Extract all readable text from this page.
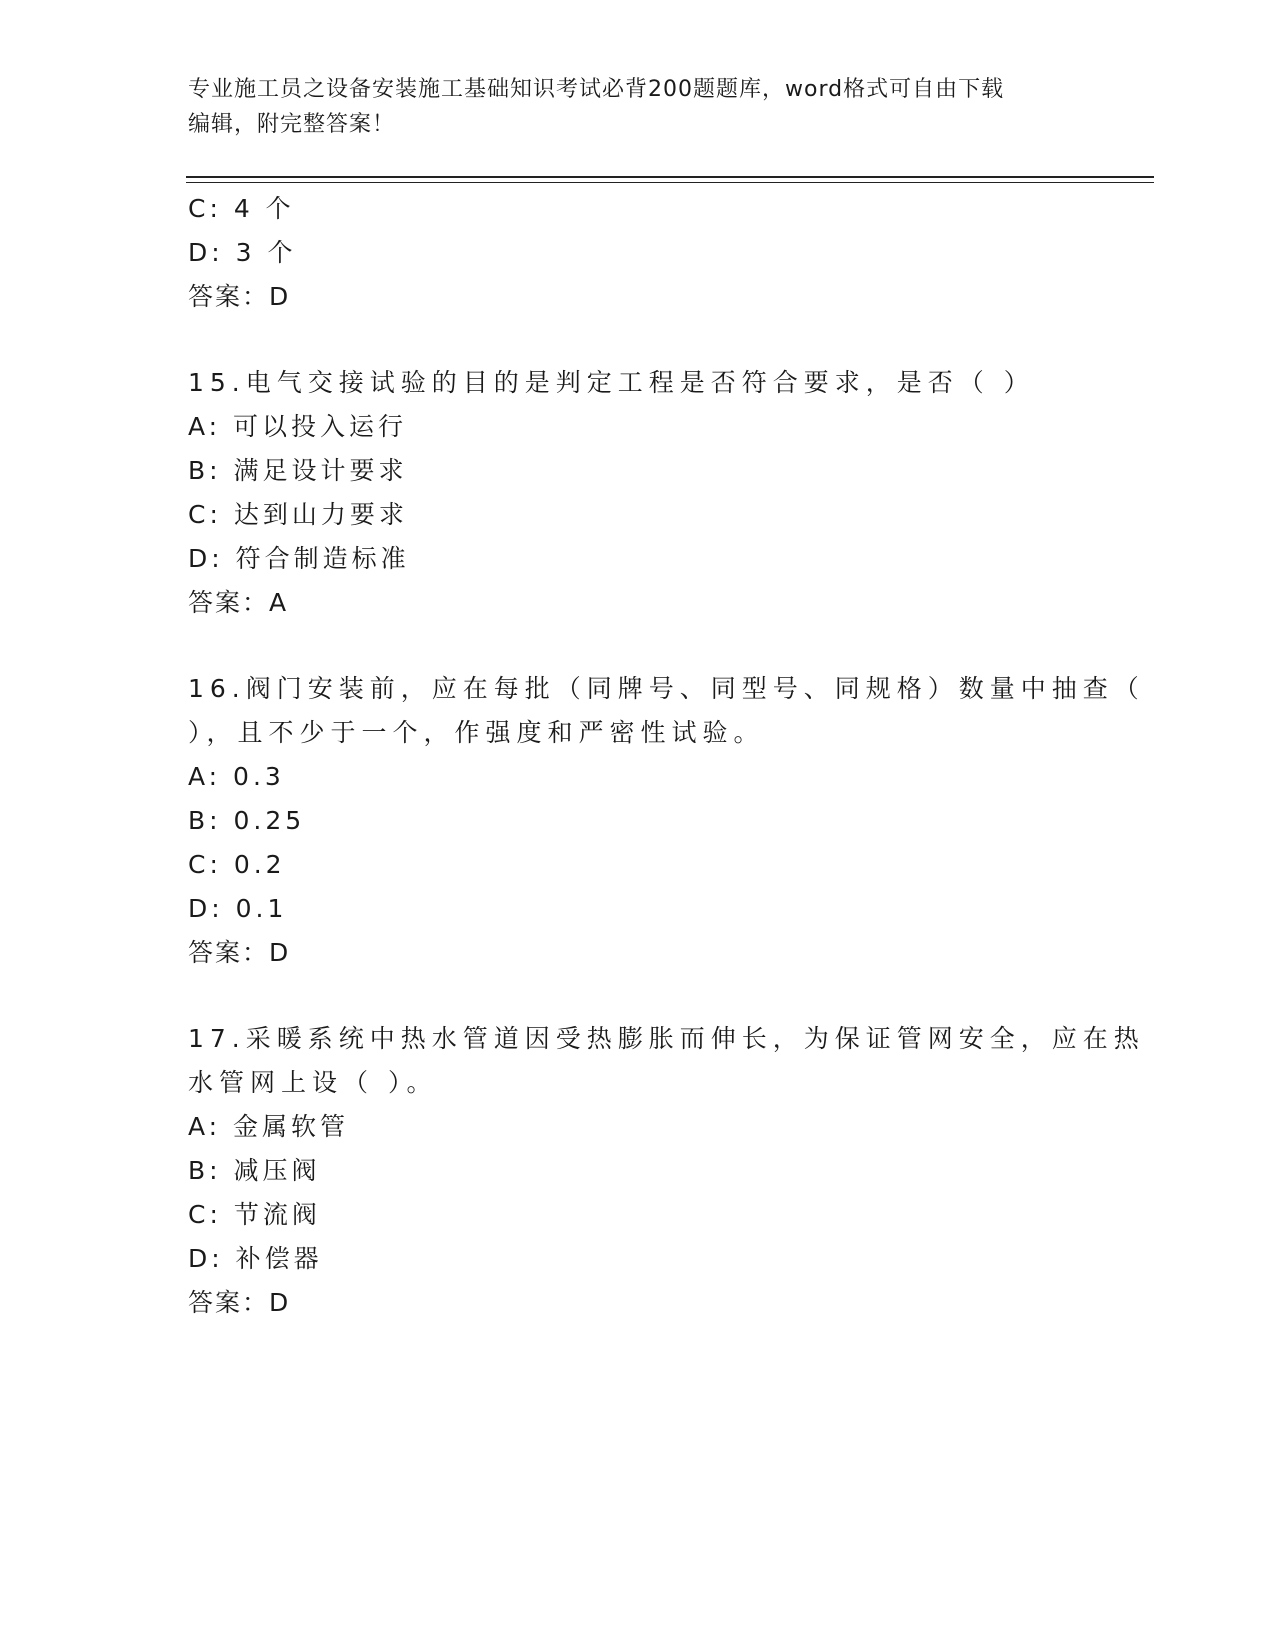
专业施工员之设备安装施工基础知识考试必背200题题库，word格式可自由下载
编辑，附完整答案！
C: 4 个
D: 3 个
答案：D
15.电气交接试验的目的是判定工程是否符合要求，是否（ ）
A: 可以投入运行
B: 满足设计要求
C: 达到山力要求
D: 符合制造标准
答案：A
16.阀门安装前，应在每批（同牌号、同型号、同规格）数量中抽查（
），且不少于一个，作强度和严密性试验。
A: 0.3
B: 0.25
C: 0.2
D: 0.1
答案：D
17.采暖系统中热水管道因受热膨胀而伸长，为保证管网安全，应在热
水管网上设（ ）。
A: 金属软管
B: 减压阀
C: 节流阀
D: 补偿器
答案：D
